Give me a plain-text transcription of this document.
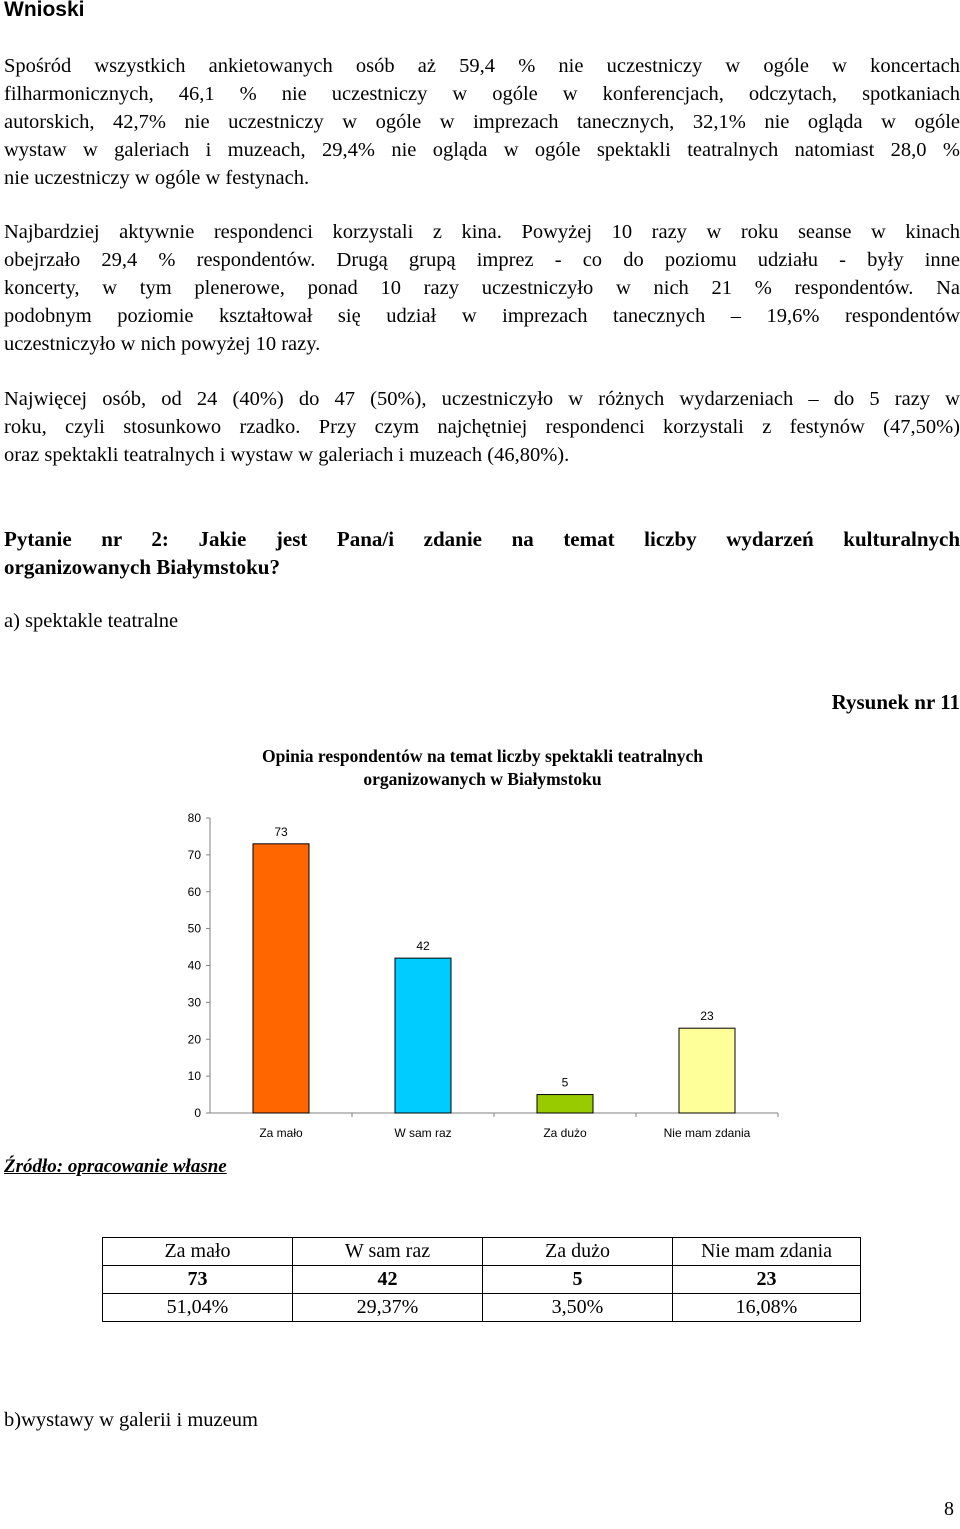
Wnioski
Spośród wszystkich ankietowanych osób aż 59,4 % nie uczestniczy w ogóle w koncertach
filharmonicznych, 46,1 % nie uczestniczy w ogóle w konferencjach, odczytach, spotkaniach
autorskich, 42,7% nie uczestniczy w ogóle w imprezach tanecznych, 32,1% nie ogląda w ogóle
wystaw w galeriach i muzeach, 29,4% nie ogląda w ogóle spektakli teatralnych natomiast 28,0 %
nie uczestniczy w ogóle w festynach.
Najbardziej aktywnie respondenci korzystali z kina. Powyżej 10 razy w roku seanse w kinach
obejrzało 29,4 % respondentów. Drugą grupą imprez - co do poziomu udziału - były inne
koncerty, w tym plenerowe, ponad 10 razy uczestniczyło w nich 21 % respondentów. Na
podobnym poziomie kształtował się udział w imprezach tanecznych – 19,6% respondentów
uczestniczyło w nich powyżej 10 razy.
Najwięcej osób, od 24 (40%) do 47 (50%), uczestniczyło w różnych wydarzeniach – do 5 razy w
roku, czyli stosunkowo rzadko. Przy czym najchętniej respondenci korzystali z festynów (47,50%)
oraz spektakli teatralnych i wystaw w galeriach i muzeach (46,80%).
Pytanie nr 2: Jakie jest Pana/i zdanie na temat liczby wydarzeń kulturalnych
organizowanych Białymstoku?
a) spektakle teatralne
Rysunek nr 11
Opinia respondentów na temat liczby spektakli teatralnych
organizowanych w Białymstoku
0
10
20
30
40
50
60
70
80
73
Za mało
42
W sam raz
5
Za dużo
23
Nie mam zdania
Źródło: opracowanie własne
Za mało	W sam raz	Za dużo	Nie mam zdania
73	42	5	23
51,04%	29,37%	3,50%	16,08%
b)wystawy w galerii i muzeum
8
